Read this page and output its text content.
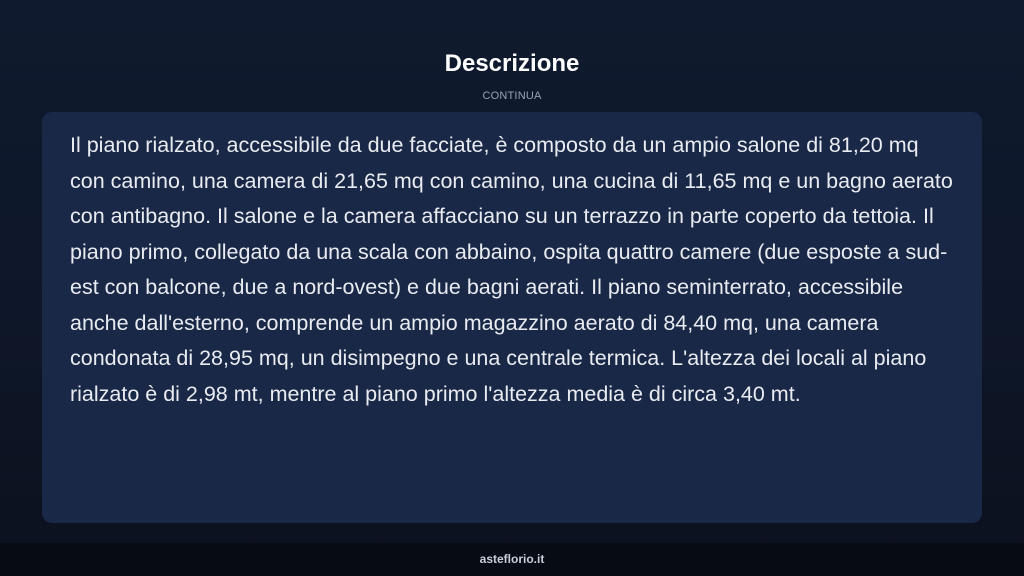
Descrizione
CONTINUA

Il piano rialzato, accessibile da due facciate, è composto da un ampio salone di 81,20 mq con camino, una camera di 21,65 mq con camino, una cucina di 11,65 mq e un bagno aerato con antibagno. Il salone e la camera affacciano su un terrazzo in parte coperto da tettoia. Il piano primo, collegato da una scala con abbaino, ospita quattro camere (due esposte a sud-est con balcone, due a nord-ovest) e due bagni aerati. Il piano seminterrato, accessibile anche dall'esterno, comprende un ampio magazzino aerato di 84,40 mq, una camera condonata di 28,95 mq, un disimpegno e una centrale termica. L'altezza dei locali al piano rialzato è di 2,98 mt, mentre al piano primo l'altezza media è di circa 3,40 mt.

asteflorio.it
